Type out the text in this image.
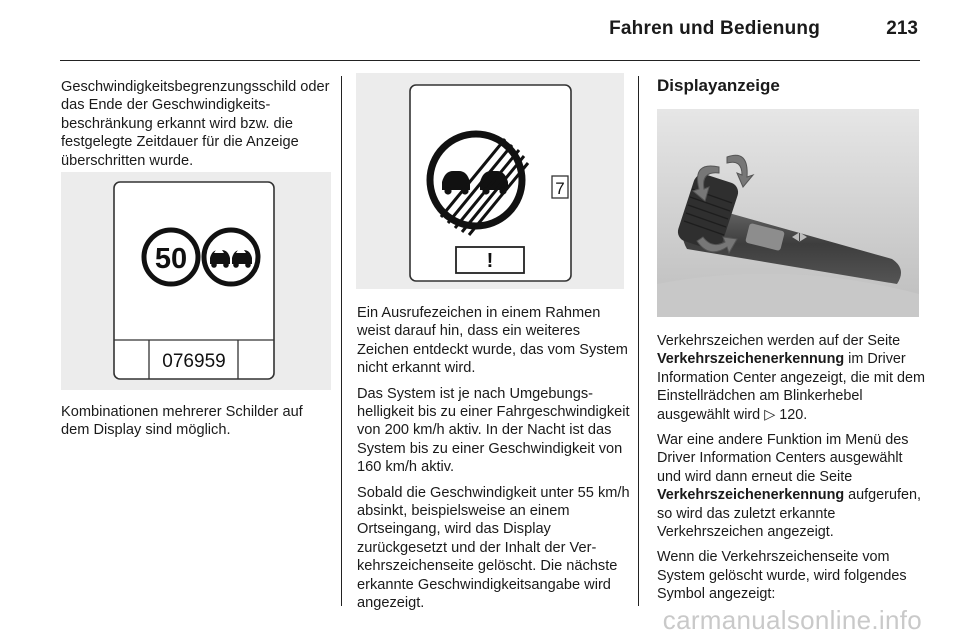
Fahren und Bedienung	213

Geschwindigkeitsbegrenzungsschild oder das Ende der Geschwindigkeitsbeschränkung erkannt wird bzw. die festgelegte Zeitdauer für die Anzeige überschritten wurde.

50
076959

Kombinationen mehrerer Schilder auf dem Display sind möglich.

7
!

Ein Ausrufezeichen in einem Rahmen weist darauf hin, dass ein weiteres Zeichen entdeckt wurde, das vom System nicht erkannt wird.

Das System ist je nach Umgebungshelligkeit bis zu einer Fahrgeschwindigkeit von 200 km/h aktiv. In der Nacht ist das System bis zu einer Geschwindigkeit von 160 km/h aktiv.

Sobald die Geschwindigkeit unter 55 km/h absinkt, beispielsweise an einem Ortseingang, wird das Display zurückgesetzt und der Inhalt der Verkehrszeichenseite gelöscht. Die nächste erkannte Geschwindigkeitsangabe wird angezeigt.

Displayanzeige

Verkehrszeichen werden auf der Seite Verkehrszeichenerkennung im Driver Information Center angezeigt, die mit dem Einstellrädchen am Blinkerhebel ausgewählt wird ▷ 120.

War eine andere Funktion im Menü des Driver Information Centers ausgewählt und wird dann erneut die Seite Verkehrszeichenerkennung aufgerufen, so wird das zuletzt erkannte Verkehrszeichen angezeigt.

Wenn die Verkehrszeichenseite vom System gelöscht wurde, wird folgendes Symbol angezeigt:

carmanualsonline.info
